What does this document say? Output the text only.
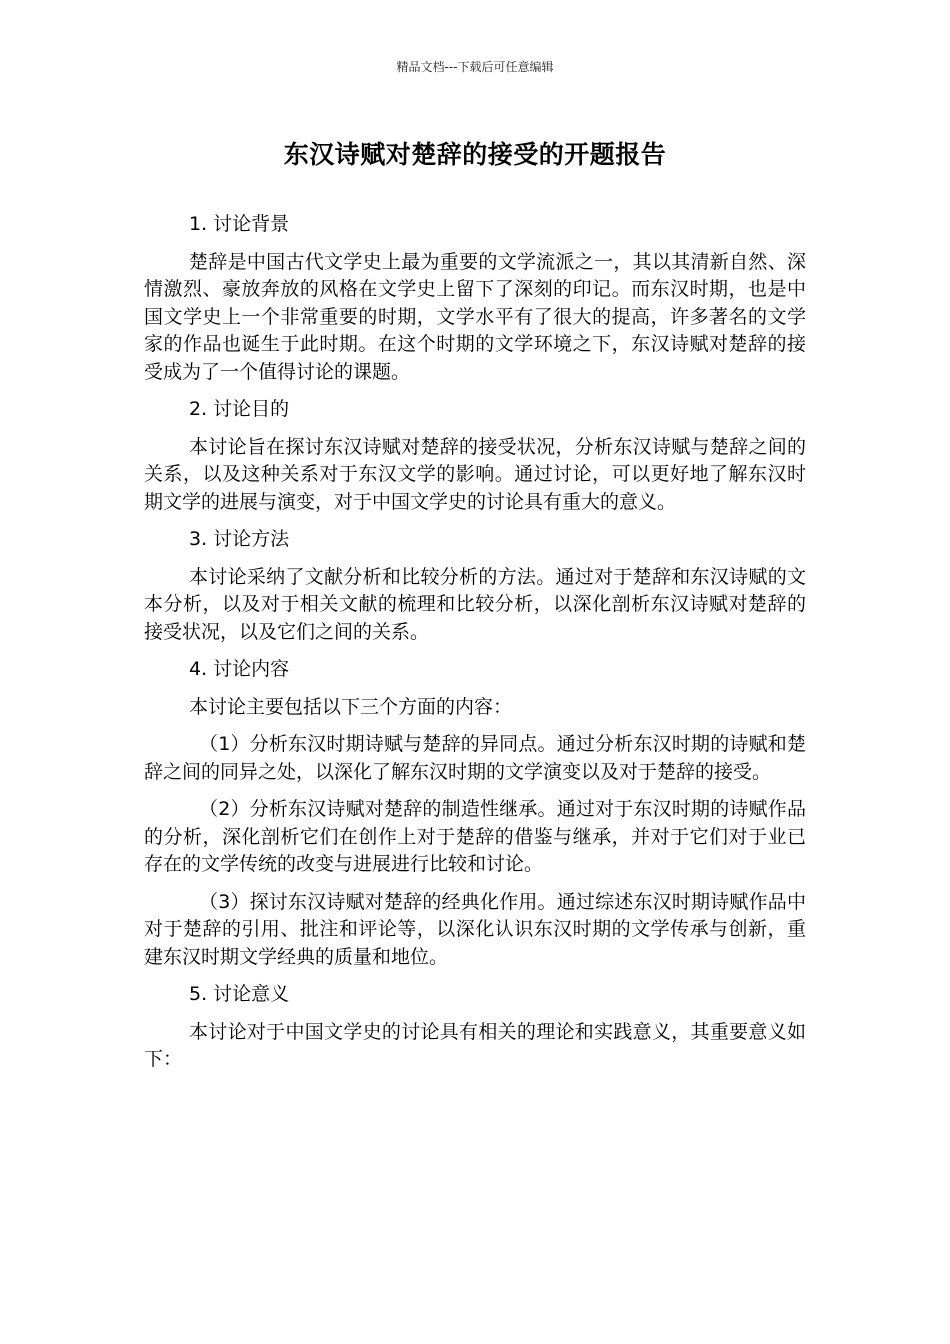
精品文档---下载后可任意编辑
东汉诗赋对楚辞的接受的开题报告
1. 讨论背景
楚辞是中国古代文学史上最为重要的文学流派之一，其以其清新自然、深情激烈、豪放奔放的风格在文学史上留下了深刻的印记。而东汉时期，也是中国文学史上一个非常重要的时期，文学水平有了很大的提高，许多著名的文学家的作品也诞生于此时期。在这个时期的文学环境之下，东汉诗赋对楚辞的接受成为了一个值得讨论的课题。
2. 讨论目的
本讨论旨在探讨东汉诗赋对楚辞的接受状况，分析东汉诗赋与楚辞之间的关系，以及这种关系对于东汉文学的影响。通过讨论，可以更好地了解东汉时期文学的进展与演变，对于中国文学史的讨论具有重大的意义。
3. 讨论方法
本讨论采纳了文献分析和比较分析的方法。通过对于楚辞和东汉诗赋的文本分析，以及对于相关文献的梳理和比较分析，以深化剖析东汉诗赋对楚辞的接受状况，以及它们之间的关系。
4. 讨论内容
本讨论主要包括以下三个方面的内容：
（1）分析东汉时期诗赋与楚辞的异同点。通过分析东汉时期的诗赋和楚辞之间的同异之处，以深化了解东汉时期的文学演变以及对于楚辞的接受。
（2）分析东汉诗赋对楚辞的制造性继承。通过对于东汉时期的诗赋作品的分析，深化剖析它们在创作上对于楚辞的借鉴与继承，并对于它们对于业已存在的文学传统的改变与进展进行比较和讨论。
（3）探讨东汉诗赋对楚辞的经典化作用。通过综述东汉时期诗赋作品中对于楚辞的引用、批注和评论等，以深化认识东汉时期的文学传承与创新，重建东汉时期文学经典的质量和地位。
5. 讨论意义
本讨论对于中国文学史的讨论具有相关的理论和实践意义，其重要意义如下：
